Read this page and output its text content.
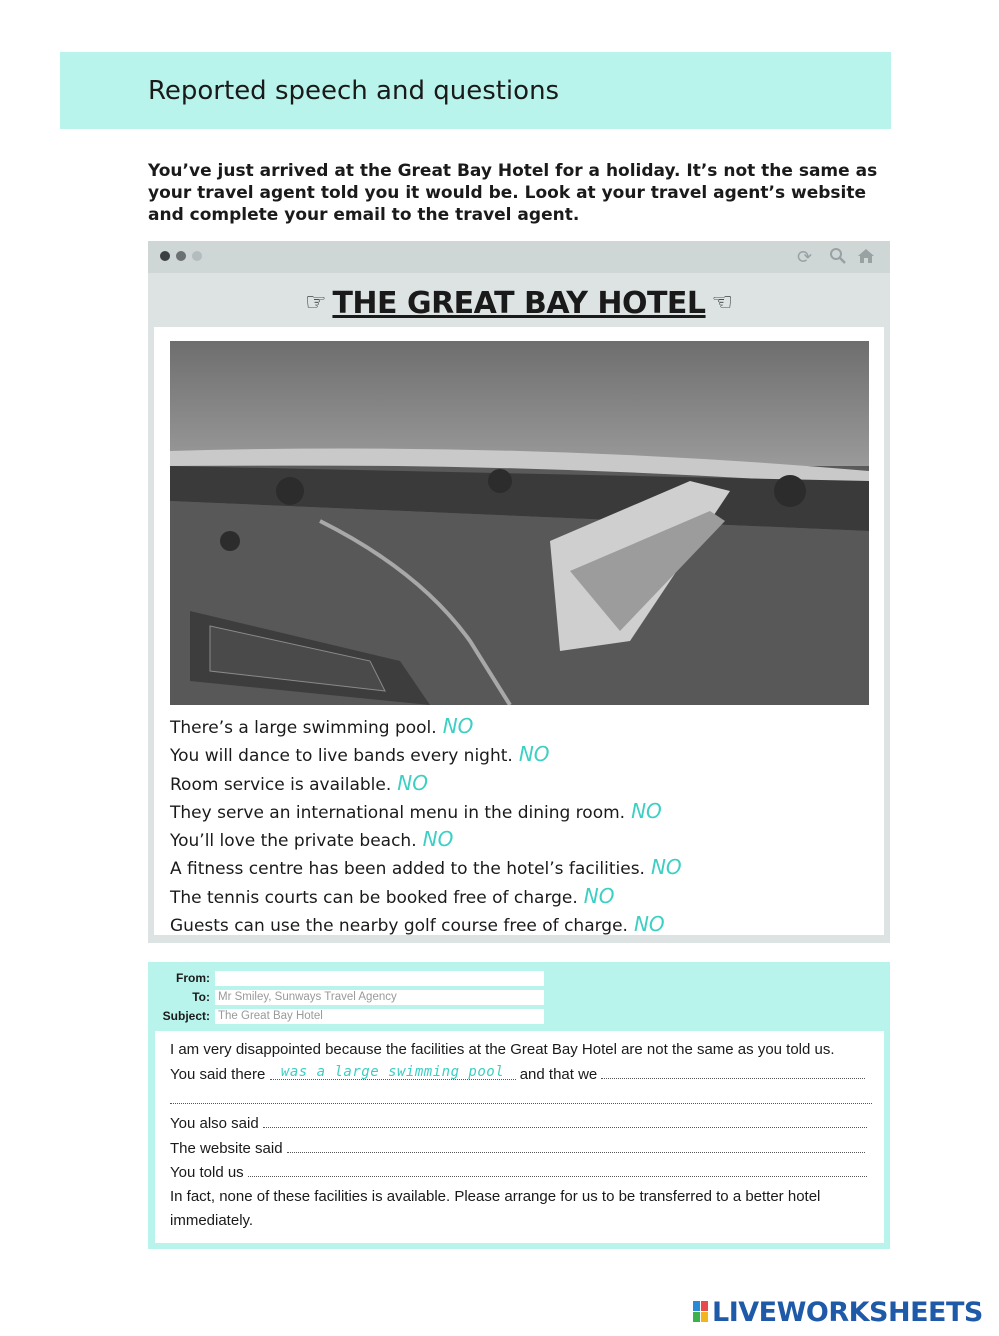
Reported speech and questions
You’ve just arrived at the Great Bay Hotel for a holiday. It’s not the same as your travel agent told you it would be. Look at your travel agent’s website and complete your email to the travel agent.
⟳
☞ THE GREAT BAY HOTEL ☜
There’s a large swimming pool. NO
You will dance to live bands every night. NO
Room service is available. NO
They serve an international menu in the dining room. NO
You’ll love the private beach. NO
A fitness centre has been added to the hotel’s facilities. NO
The tennis courts can be booked free of charge. NO
Guests can use the nearby golf course free of charge. NO
From:
To: Mr Smiley, Sunways Travel Agency
Subject: The Great Bay Hotel
I am very disappointed because the facilities at the Great Bay Hotel are not the same as you told us.
You said there was a large swimming pool and that we
You also said
The website said
You told us
In fact, none of these facilities is available. Please arrange for us to be transferred to a better hotel
immediately.
LIVEWORKSHEETS
